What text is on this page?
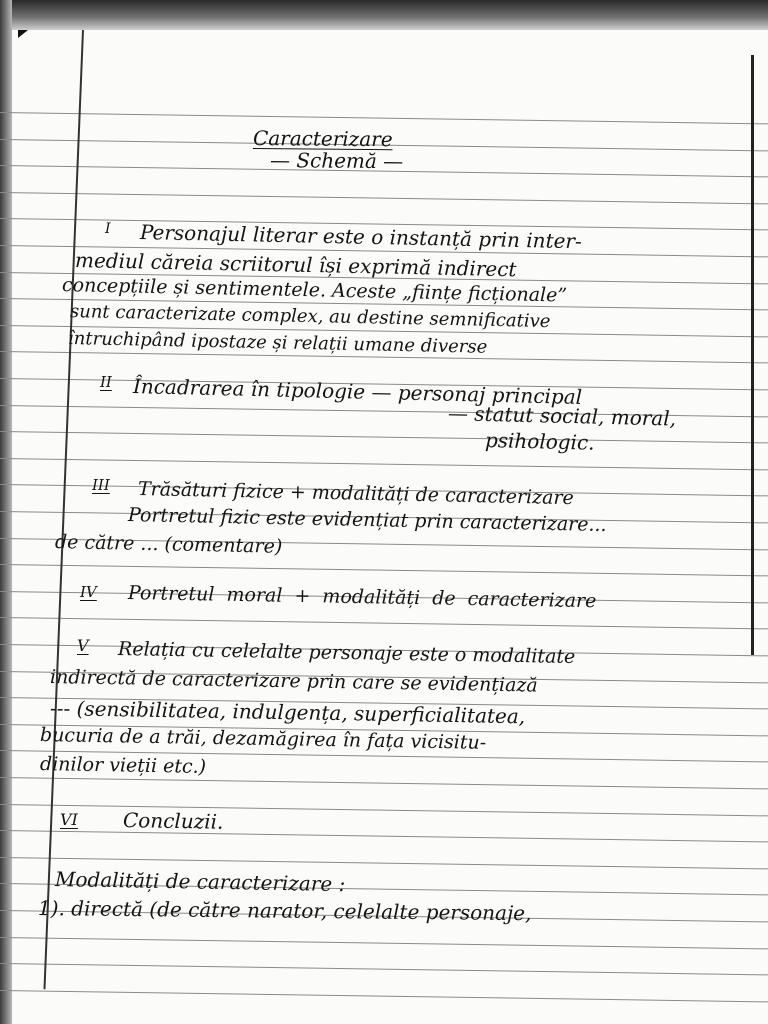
Caracterizare
— Schemă —
I Personajul literar este o instanță prin inter-
mediul căreia scriitorul își exprimă indirect
concepțiile și sentimentele. Aceste „ființe ficționale”
sunt caracterizate complex, au destine semnificative
întruchipând ipostaze și relații umane diverse
II Încadrarea în tipologie — personaj principal
— statut social, moral,
psihologic.
III Trăsături fizice + modalități de caracterizare
Portretul fizic este evidențiat prin caracterizare...
de către ... (comentare)
IV Portretul moral + modalități de caracterizare
V Relația cu celelalte personaje este o modalitate
indirectă de caracterizare prin care se evidențiază
--- (sensibilitatea, indulgența, superficialitatea,
bucuria de a trăi, dezamăgirea în fața vicisitu-
dinilor vieții etc.)
VI Concluzii.
Modalități de caracterizare :
1). directă (de către narator, celelalte personaje,
